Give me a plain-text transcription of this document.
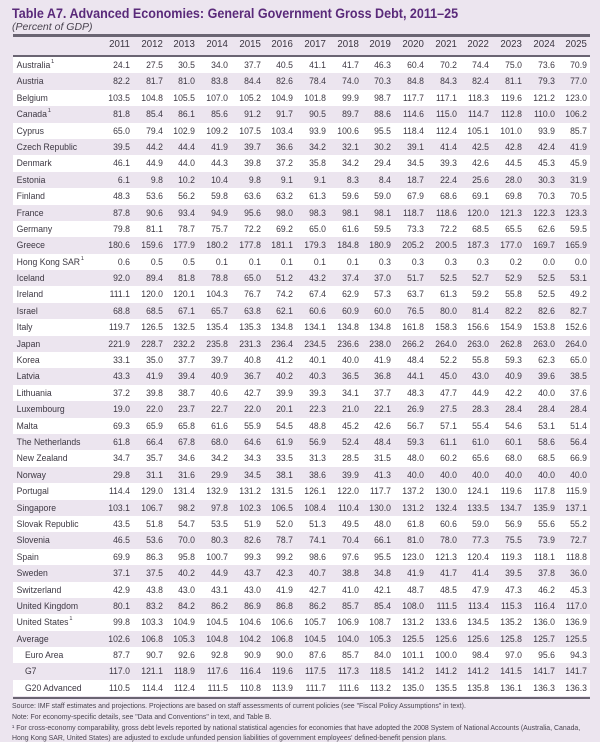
Table A7. Advanced Economies: General Government Gross Debt, 2011–25
(Percent of GDP)
2011	2012	2013	2014	2015	2016	2017	2018	2019	2020	2021	2022	2023	2024	2025
Australia$^1$	24.1	27.5	30.5	34.0	37.7	40.5	41.1	41.7	46.3	60.4	70.2	74.4	75.0	73.6	70.9
Austria	82.2	81.7	81.0	83.8	84.4	82.6	78.4	74.0	70.3	84.8	84.3	82.4	81.1	79.3	77.0
Belgium	103.5	104.8	105.5	107.0	105.2	104.9	101.8	99.9	98.7	117.7	117.1	118.3	119.6	121.2	123.0
Canada$^1$	81.8	85.4	86.1	85.6	91.2	91.7	90.5	89.7	88.6	114.6	115.0	114.7	112.8	110.0	106.2
Cyprus	65.0	79.4	102.9	109.2	107.5	103.4	93.9	100.6	95.5	118.4	112.4	105.1	101.0	93.9	85.7
Czech Republic	39.5	44.2	44.4	41.9	39.7	36.6	34.2	32.1	30.2	39.1	41.4	42.5	42.8	42.4	41.9
Denmark	46.1	44.9	44.0	44.3	39.8	37.2	35.8	34.2	29.4	34.5	39.3	42.6	44.5	45.3	45.9
Estonia	6.1	9.8	10.2	10.4	9.8	9.1	9.1	8.3	8.4	18.7	22.4	25.6	28.0	30.3	31.9
Finland	48.3	53.6	56.2	59.8	63.6	63.2	61.3	59.6	59.0	67.9	68.6	69.1	69.8	70.3	70.5
France	87.8	90.6	93.4	94.9	95.6	98.0	98.3	98.1	98.1	118.7	118.6	120.0	121.3	122.3	123.3
Germany	79.8	81.1	78.7	75.7	72.2	69.2	65.0	61.6	59.5	73.3	72.2	68.5	65.5	62.6	59.5
Greece	180.6	159.6	177.9	180.2	177.8	181.1	179.3	184.8	180.9	205.2	200.5	187.3	177.0	169.7	165.9
Hong Kong SAR$^1$	0.6	0.5	0.5	0.1	0.1	0.1	0.1	0.1	0.3	0.3	0.3	0.3	0.2	0.0	0.0
Iceland	92.0	89.4	81.8	78.8	65.0	51.2	43.2	37.4	37.0	51.7	52.5	52.7	52.9	52.5	53.1
Ireland	111.1	120.0	120.1	104.3	76.7	74.2	67.4	62.9	57.3	63.7	61.3	59.2	55.8	52.5	49.2
Israel	68.8	68.5	67.1	65.7	63.8	62.1	60.6	60.9	60.0	76.5	80.0	81.4	82.2	82.6	82.7
Italy	119.7	126.5	132.5	135.4	135.3	134.8	134.1	134.8	134.8	161.8	158.3	156.6	154.9	153.8	152.6
Japan	221.9	228.7	232.2	235.8	231.3	236.4	234.5	236.6	238.0	266.2	264.0	263.0	262.8	263.0	264.0
Korea	33.1	35.0	37.7	39.7	40.8	41.2	40.1	40.0	41.9	48.4	52.2	55.8	59.3	62.3	65.0
Latvia	43.3	41.9	39.4	40.9	36.7	40.2	40.3	36.5	36.8	44.1	45.0	43.0	40.9	39.6	38.5
Lithuania	37.2	39.8	38.7	40.6	42.7	39.9	39.3	34.1	37.7	48.3	47.7	44.9	42.2	40.0	37.6
Luxembourg	19.0	22.0	23.7	22.7	22.0	20.1	22.3	21.0	22.1	26.9	27.5	28.3	28.4	28.4	28.4
Malta	69.3	65.9	65.8	61.6	55.9	54.5	48.8	45.2	42.6	56.7	57.1	55.4	54.6	53.1	51.4
The Netherlands	61.8	66.4	67.8	68.0	64.6	61.9	56.9	52.4	48.4	59.3	61.1	61.0	60.1	58.6	56.4
New Zealand	34.7	35.7	34.6	34.2	34.3	33.5	31.3	28.5	31.5	48.0	60.2	65.6	68.0	68.5	66.9
Norway	29.8	31.1	31.6	29.9	34.5	38.1	38.6	39.9	41.3	40.0	40.0	40.0	40.0	40.0	40.0
Portugal	114.4	129.0	131.4	132.9	131.2	131.5	126.1	122.0	117.7	137.2	130.0	124.1	119.6	117.8	115.9
Singapore	103.1	106.7	98.2	97.8	102.3	106.5	108.4	110.4	130.0	131.2	132.4	133.5	134.7	135.9	137.1
Slovak Republic	43.5	51.8	54.7	53.5	51.9	52.0	51.3	49.5	48.0	61.8	60.6	59.0	56.9	55.6	55.2
Slovenia	46.5	53.6	70.0	80.3	82.6	78.7	74.1	70.4	66.1	81.0	78.0	77.3	75.5	73.9	72.7
Spain	69.9	86.3	95.8	100.7	99.3	99.2	98.6	97.6	95.5	123.0	121.3	120.4	119.3	118.1	118.8
Sweden	37.1	37.5	40.2	44.9	43.7	42.3	40.7	38.8	34.8	41.9	41.7	41.4	39.5	37.8	36.0
Switzerland	42.9	43.8	43.0	43.1	43.0	41.9	42.7	41.0	42.1	48.7	48.5	47.9	47.3	46.2	45.3
United Kingdom	80.1	83.2	84.2	86.2	86.9	86.8	86.2	85.7	85.4	108.0	111.5	113.4	115.3	116.4	117.0
United States$^1$	99.8	103.3	104.9	104.5	104.6	106.6	105.7	106.9	108.7	131.2	133.6	134.5	135.2	136.0	136.9
Average	102.6	106.8	105.3	104.8	104.2	106.8	104.5	104.0	105.3	125.5	125.6	125.6	125.8	125.7	125.5
Euro Area	87.7	90.7	92.6	92.8	90.9	90.0	87.6	85.7	84.0	101.1	100.0	98.4	97.0	95.6	94.3
G7	117.0	121.1	118.9	117.6	116.4	119.6	117.5	117.3	118.5	141.2	141.2	141.2	141.5	141.7	141.7
G20 Advanced	110.5	114.4	112.4	111.5	110.8	113.9	111.7	111.6	113.2	135.0	135.5	135.8	136.1	136.3	136.3
Source: IMF staff estimates and projections. Projections are based on staff assessments of current policies (see "Fiscal Policy Assumptions" in text).
Note: For economy-specific details, see "Data and Conventions" in text, and Table B.
¹ For cross-economy comparability, gross debt levels reported by national statistical agencies for economies that have adopted the 2008 System of National Accounts (Australia, Canada,
Hong Kong SAR, United States) are adjusted to exclude unfunded pension liabilities of government employees' defined-benefit pension plans.
